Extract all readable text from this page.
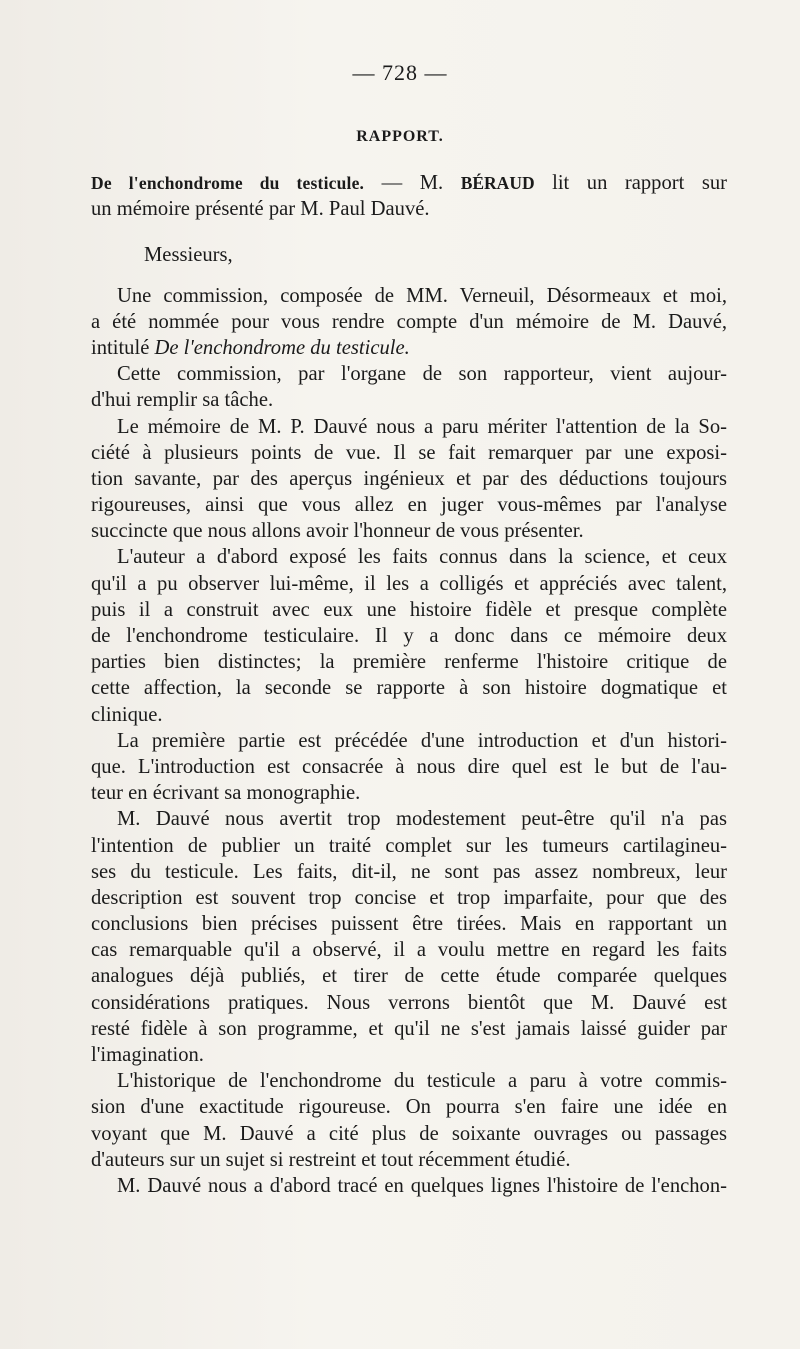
— 728 —
RAPPORT.
De l'enchondrome du testicule. — M. BÉRAUD lit un rapport sur
un mémoire présenté par M. Paul Dauvé.
Messieurs,
Une commission, composée de MM. Verneuil, Désormeaux et moi,
a été nommée pour vous rendre compte d'un mémoire de M. Dauvé,
intitulé De l'enchondrome du testicule.
Cette commission, par l'organe de son rapporteur, vient aujour-
d'hui remplir sa tâche.
Le mémoire de M. P. Dauvé nous a paru mériter l'attention de la So-
ciété à plusieurs points de vue. Il se fait remarquer par une exposi-
tion savante, par des aperçus ingénieux et par des déductions toujours
rigoureuses, ainsi que vous allez en juger vous-mêmes par l'analyse
succincte que nous allons avoir l'honneur de vous présenter.
L'auteur a d'abord exposé les faits connus dans la science, et ceux
qu'il a pu observer lui-même, il les a colligés et appréciés avec talent,
puis il a construit avec eux une histoire fidèle et presque complète
de l'enchondrome testiculaire. Il y a donc dans ce mémoire deux
parties bien distinctes; la première renferme l'histoire critique de
cette affection, la seconde se rapporte à son histoire dogmatique et
clinique.
La première partie est précédée d'une introduction et d'un histori-
que. L'introduction est consacrée à nous dire quel est le but de l'au-
teur en écrivant sa monographie.
M. Dauvé nous avertit trop modestement peut-être qu'il n'a pas
l'intention de publier un traité complet sur les tumeurs cartilagineu-
ses du testicule. Les faits, dit-il, ne sont pas assez nombreux, leur
description est souvent trop concise et trop imparfaite, pour que des
conclusions bien précises puissent être tirées. Mais en rapportant un
cas remarquable qu'il a observé, il a voulu mettre en regard les faits
analogues déjà publiés, et tirer de cette étude comparée quelques
considérations pratiques. Nous verrons bientôt que M. Dauvé est
resté fidèle à son programme, et qu'il ne s'est jamais laissé guider par
l'imagination.
L'historique de l'enchondrome du testicule a paru à votre commis-
sion d'une exactitude rigoureuse. On pourra s'en faire une idée en
voyant que M. Dauvé a cité plus de soixante ouvrages ou passages
d'auteurs sur un sujet si restreint et tout récemment étudié.
M. Dauvé nous a d'abord tracé en quelques lignes l'histoire de l'enchon-
